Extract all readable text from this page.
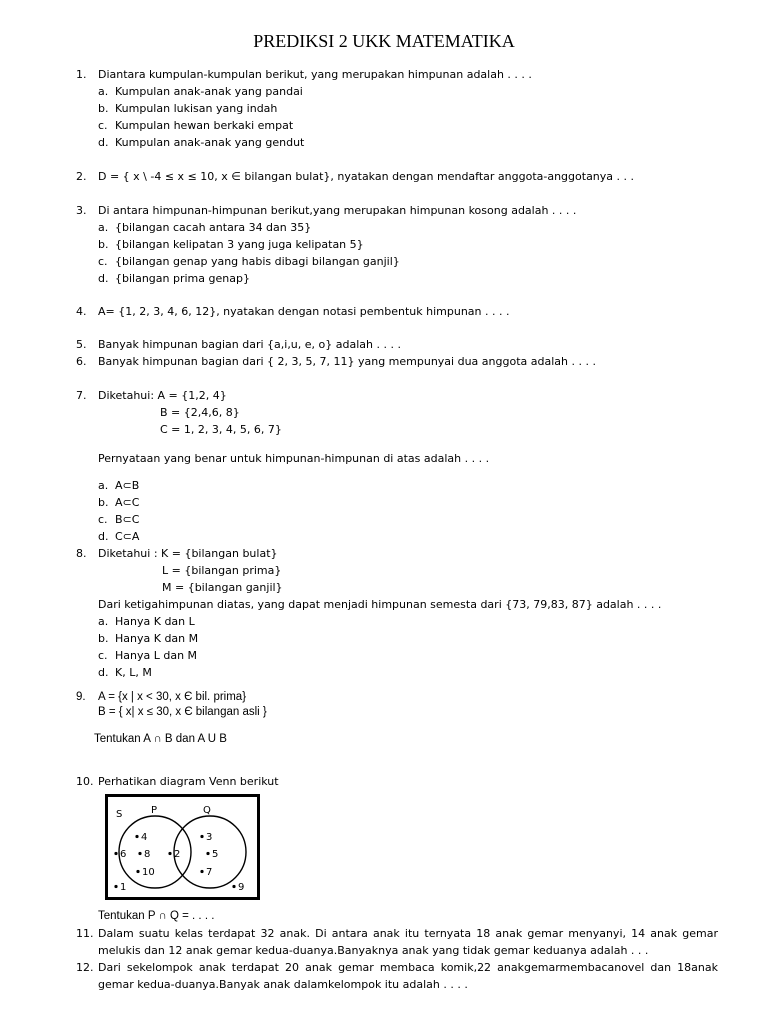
PREDIKSI 2 UKK MATEMATIKA
1. Diantara kumpulan-kumpulan berikut, yang merupakan himpunan adalah . . . .
a. Kumpulan anak-anak yang pandai
b. Kumpulan lukisan yang indah
c. Kumpulan hewan berkaki empat
d. Kumpulan anak-anak yang gendut
2. D = { x \ -4 ≤ x ≤ 10, x ∈ bilangan bulat}, nyatakan dengan mendaftar anggota-anggotanya . . .
3. Di antara himpunan-himpunan berikut,yang merupakan himpunan kosong adalah . . . .
a. {bilangan cacah antara 34 dan 35}
b. {bilangan kelipatan 3 yang juga kelipatan 5}
c. {bilangan genap yang habis dibagi bilangan ganjil}
d. {bilangan prima genap}
4. A= {1, 2, 3, 4, 6, 12}, nyatakan dengan notasi pembentuk himpunan . . . .
5. Banyak himpunan bagian dari {a,i,u, e, o} adalah . . . .
6. Banyak himpunan bagian dari { 2, 3, 5, 7, 11} yang mempunyai dua anggota adalah . . . .
7. Diketahui: A = {1,2, 4}
B = {2,4,6, 8}
C = 1, 2, 3, 4, 5, 6, 7}
Pernyataan yang benar untuk himpunan-himpunan di atas adalah . . . .
a. A⊂B
b. A⊂C
c. B⊂C
d. C⊂A
8. Diketahui : K = {bilangan bulat}
L = {bilangan prima}
M = {bilangan ganjil}
Dari ketigahimpunan diatas, yang dapat menjadi himpunan semesta dari {73, 79,83, 87} adalah . . . .
a. Hanya K dan L
b. Hanya K dan M
c. Hanya L dan M
d. K, L, M
9. A = {x | x < 30, x Є bil. prima}
B = { x| x ≤ 30, x Є bilangan asli }
Tentukan A ∩ B dan A U B
10. Perhatikan diagram Venn berikut
S	P	Q
4
6 8
10
2
3
5
7
1	9
Tentukan P ∩ Q = . . . .
11. Dalam suatu kelas terdapat 32 anak. Di antara anak itu ternyata 18 anak gemar menyanyi, 14 anak gemar melukis dan 12 anak gemar kedua-duanya.Banyaknya anak yang tidak gemar keduanya adalah . . .
12. Dari sekelompok anak terdapat 20 anak gemar membaca komik,22 anakgemarmembacanovel dan 18anak gemar kedua-duanya.Banyak anak dalamkelompok itu adalah . . . .
